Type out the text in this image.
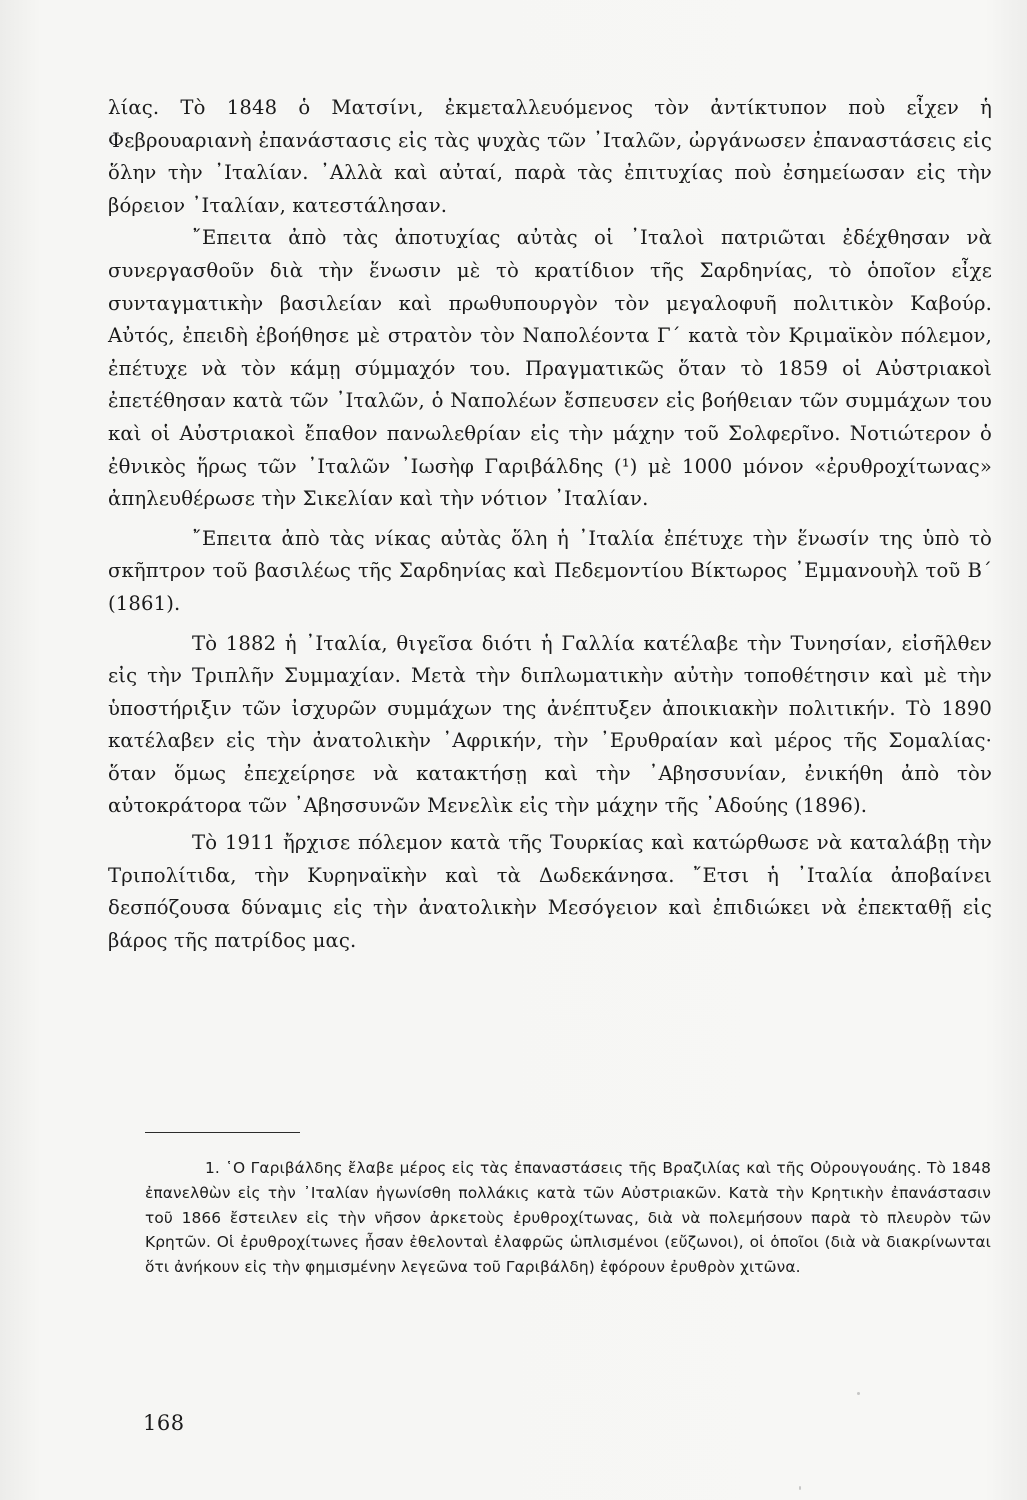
λίας. Τὸ 1848 ὁ Ματσίνι, ἐκμεταλλευόμενος τὸν ἀντίκτυπον ποὺ εἶχεν ἡ Φεβρουαριανὴ ἐπανάστασις εἰς τὰς ψυχὰς τῶν ᾿Ιταλῶν, ὠργάνωσεν ἐπαναστάσεις εἰς ὅλην τὴν ᾿Ιταλίαν. ᾿Αλλὰ καὶ αὐταί, παρὰ τὰς ἐπιτυχίας ποὺ ἐσημείωσαν εἰς τὴν βόρειον ᾿Ιταλίαν, κατεστάλησαν.

῎Επειτα ἀπὸ τὰς ἀποτυχίας αὐτὰς οἱ ᾿Ιταλοὶ πατριῶται ἐδέχθησαν νὰ συνεργασθοῦν διὰ τὴν ἕνωσιν μὲ τὸ κρατίδιον τῆς Σαρδηνίας, τὸ ὁποῖον εἶχε συνταγματικὴν βασιλείαν καὶ πρωθυπουργὸν τὸν μεγαλοφυῆ πολιτικὸν Καβούρ. Αὐτός, ἐπειδὴ ἐβοήθησε μὲ στρατὸν τὸν Ναπολέοντα Γ΄ κατὰ τὸν Κριμαϊκὸν πόλεμον, ἐπέτυχε νὰ τὸν κάμῃ σύμμαχόν του. Πραγματικῶς ὅταν τὸ 1859 οἱ Αὐστριακοὶ ἐπετέθησαν κατὰ τῶν ᾿Ιταλῶν, ὁ Ναπολέων ἔσπευσεν εἰς βοήθειαν τῶν συμμάχων του καὶ οἱ Αὐστριακοὶ ἔπαθον πανωλεθρίαν εἰς τὴν μάχην τοῦ Σολφερῖνο. Νοτιώτερον ὁ ἐθνικὸς ἥρως τῶν ᾿Ιταλῶν ᾿Ιωσὴφ Γαριβάλδης (¹) μὲ 1000 μόνον «ἐρυθροχίτωνας» ἀπηλευθέρωσε τὴν Σικελίαν καὶ τὴν νότιον ᾿Ιταλίαν.

῎Επειτα ἀπὸ τὰς νίκας αὐτὰς ὅλη ἡ ᾿Ιταλία ἐπέτυχε τὴν ἕνωσίν της ὑπὸ τὸ σκῆπτρον τοῦ βασιλέως τῆς Σαρδηνίας καὶ Πεδεμοντίου Βίκτωρος ᾿Εμμανουὴλ τοῦ Β΄ (1861).

Τὸ 1882 ἡ ᾿Ιταλία, θιγεῖσα διότι ἡ Γαλλία κατέλαβε τὴν Τυνησίαν, εἰσῆλθεν εἰς τὴν Τριπλῆν Συμμαχίαν. Μετὰ τὴν διπλωματικὴν αὐτὴν τοποθέτησιν καὶ μὲ τὴν ὑποστήριξιν τῶν ἰσχυρῶν συμμάχων της ἀνέπτυξεν ἀποικιακὴν πολιτικήν. Τὸ 1890 κατέλαβεν εἰς τὴν ἀνατολικὴν ᾿Αφρικήν, τὴν ᾿Ερυθραίαν καὶ μέρος τῆς Σομαλίας· ὅταν ὅμως ἐπεχείρησε νὰ κατακτήσῃ καὶ τὴν ᾿Αβησσυνίαν, ἐνικήθη ἀπὸ τὸν αὐτοκράτορα τῶν ᾿Αβησσυνῶν Μενελὶκ εἰς τὴν μάχην τῆς ᾿Αδούης (1896).

Τὸ 1911 ἤρχισε πόλεμον κατὰ τῆς Τουρκίας καὶ κατώρθωσε νὰ καταλάβῃ τὴν Τριπολίτιδα, τὴν Κυρηναϊκὴν καὶ τὰ Δωδεκάνησα. ῎Ετσι ἡ ᾿Ιταλία ἀποβαίνει δεσπόζουσα δύναμις εἰς τὴν ἀνατολικὴν Μεσόγειον καὶ ἐπιδιώκει νὰ ἐπεκταθῇ εἰς βάρος τῆς πατρίδος μας.

1. ῾Ο Γαριβάλδης ἔλαβε μέρος εἰς τὰς ἐπαναστάσεις τῆς Βραζιλίας καὶ τῆς Οὐρουγουάης. Τὸ 1848 ἐπανελθὼν εἰς τὴν ᾿Ιταλίαν ἠγωνίσθη πολλάκις κατὰ τῶν Αὐστριακῶν. Κατὰ τὴν Κρητικὴν ἐπανάστασιν τοῦ 1866 ἔστειλεν εἰς τὴν νῆσον ἀρκετοὺς ἐρυθροχίτωνας, διὰ νὰ πολεμήσουν παρὰ τὸ πλευρὸν τῶν Κρητῶν. Οἱ ἐρυθροχίτωνες ἦσαν ἐθελονταὶ ἐλαφρῶς ὡπλισμένοι (εὔζωνοι), οἱ ὁποῖοι (διὰ νὰ διακρίνωνται ὅτι ἀνήκουν εἰς τὴν φημισμένην λεγεῶνα τοῦ Γαριβάλδη) ἐφόρουν ἐρυθρὸν χιτῶνα.

168
